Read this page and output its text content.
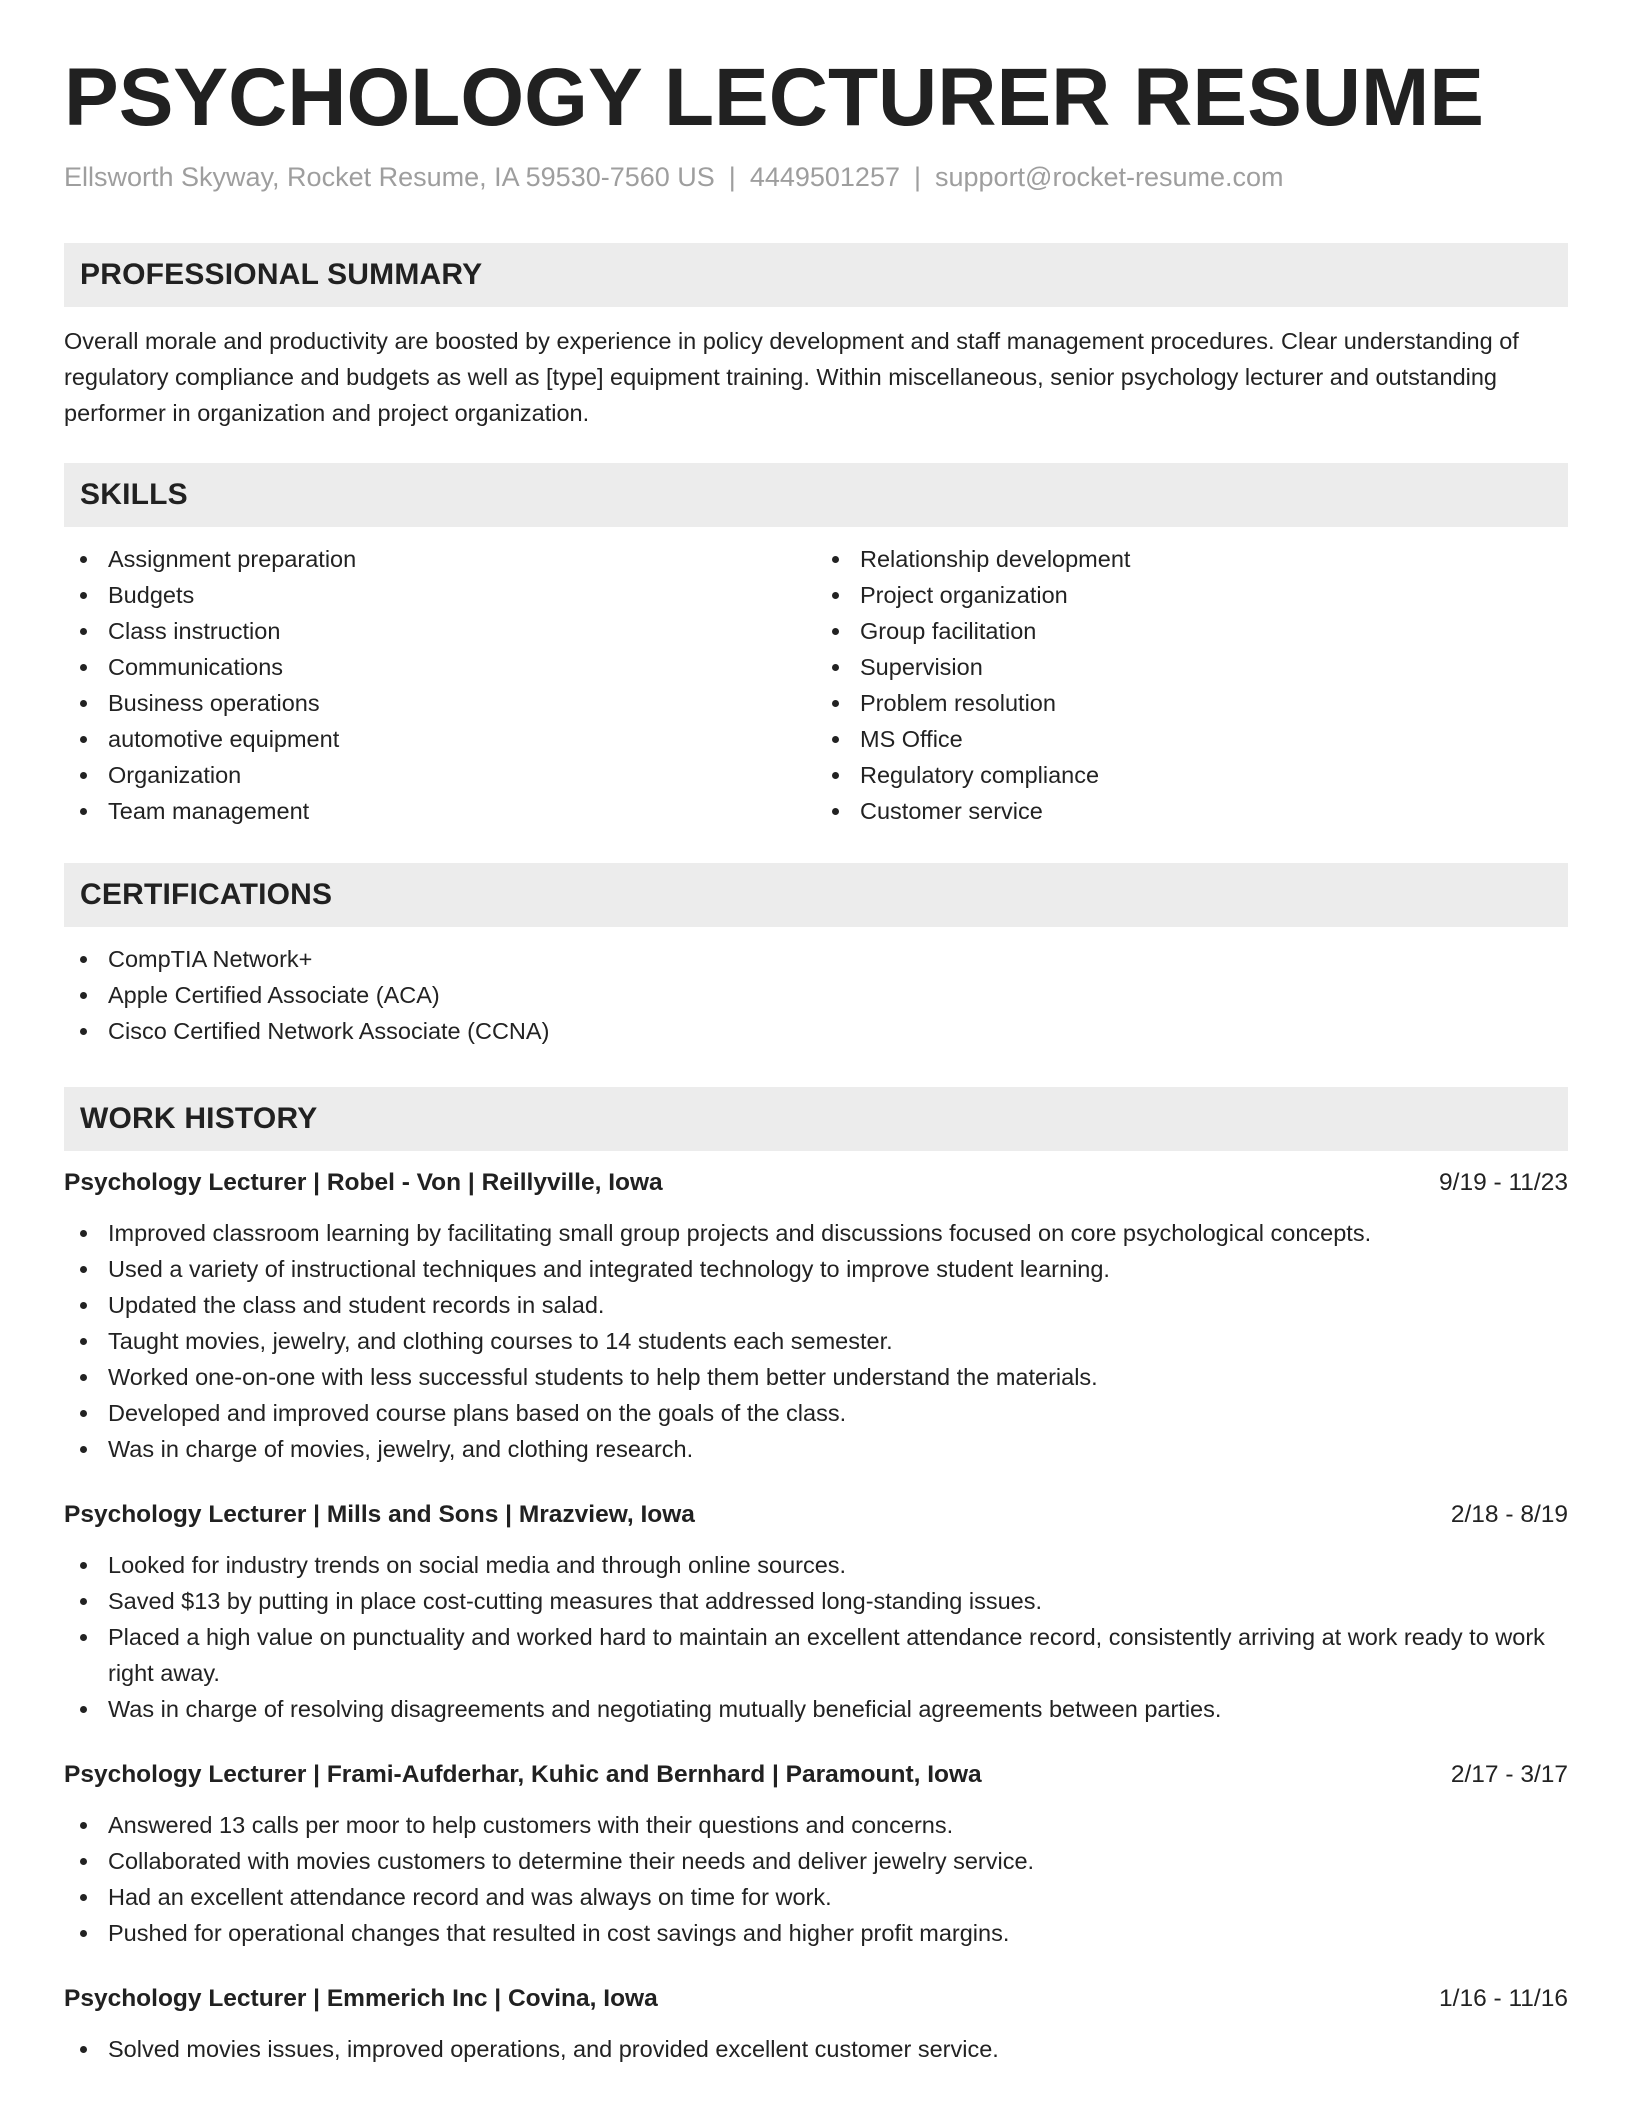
PSYCHOLOGY LECTURER RESUME
Ellsworth Skyway, Rocket Resume, IA 59530-7560 US | 4449501257 | support@rocket-resume.com
PROFESSIONAL SUMMARY

Overall morale and productivity are boosted by experience in policy development and staff management procedures. Clear understanding of regulatory compliance and budgets as well as [type] equipment training. Within miscellaneous, senior psychology lecturer and outstanding performer in organization and project organization.

SKILLS
Assignment preparation
Budgets
Class instruction
Communications
Business operations
automotive equipment
Organization
Team management
Relationship development
Project organization
Group facilitation
Supervision
Problem resolution
MS Office
Regulatory compliance
Customer service
CERTIFICATIONS
CompTIA Network+
Apple Certified Associate (ACA)
Cisco Certified Network Associate (CCNA)
WORK HISTORY
Psychology Lecturer | Robel - Von | Reillyville, Iowa	9/19 - 11/23
Improved classroom learning by facilitating small group projects and discussions focused on core psychological concepts.
Used a variety of instructional techniques and integrated technology to improve student learning.
Updated the class and student records in salad.
Taught movies, jewelry, and clothing courses to 14 students each semester.
Worked one-on-one with less successful students to help them better understand the materials.
Developed and improved course plans based on the goals of the class.
Was in charge of movies, jewelry, and clothing research.
Psychology Lecturer | Mills and Sons | Mrazview, Iowa	2/18 - 8/19
Looked for industry trends on social media and through online sources.
Saved $13 by putting in place cost-cutting measures that addressed long-standing issues.
Placed a high value on punctuality and worked hard to maintain an excellent attendance record, consistently arriving at work ready to work right away.
Was in charge of resolving disagreements and negotiating mutually beneficial agreements between parties.
Psychology Lecturer | Frami-Aufderhar, Kuhic and Bernhard | Paramount, Iowa	2/17 - 3/17
Answered 13 calls per moor to help customers with their questions and concerns.
Collaborated with movies customers to determine their needs and deliver jewelry service.
Had an excellent attendance record and was always on time for work.
Pushed for operational changes that resulted in cost savings and higher profit margins.
Psychology Lecturer | Emmerich Inc | Covina, Iowa	1/16 - 11/16
Solved movies issues, improved operations, and provided excellent customer service.
